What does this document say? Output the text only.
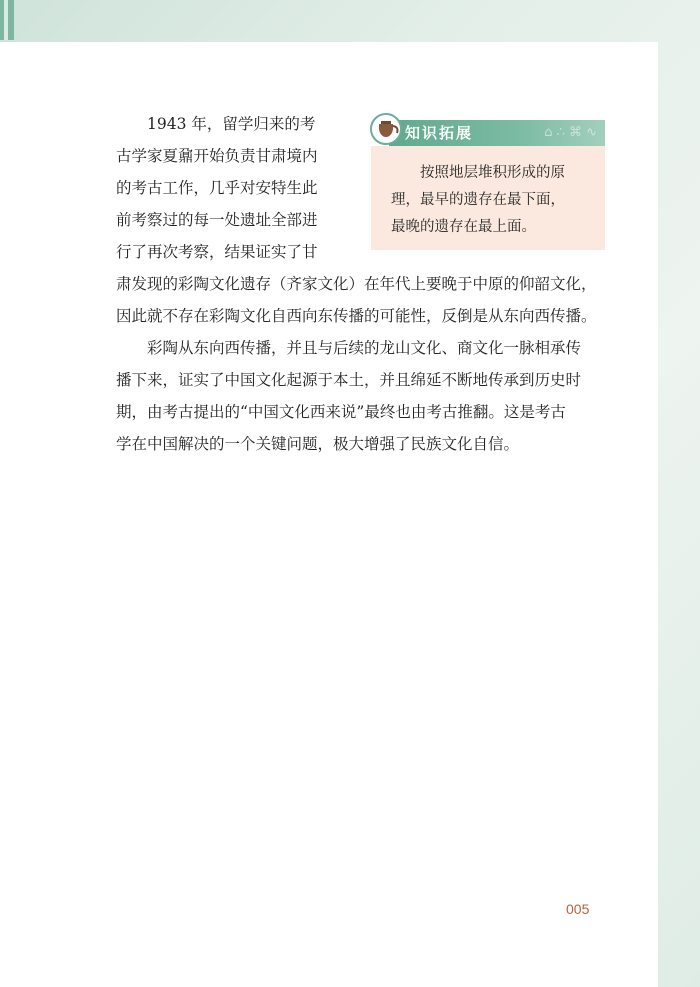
1943 年，留学归来的考
古学家夏鼐开始负责甘肃境内
的考古工作，几乎对安特生此
前考察过的每一处遗址全部进
行了再次考察，结果证实了甘
肃发现的彩陶文化遗存（齐家文化）在年代上要晚于中原的仰韶文化，
因此就不存在彩陶文化自西向东传播的可能性，反倒是从东向西传播。
彩陶从东向西传播，并且与后续的龙山文化、商文化一脉相承传
播下来，证实了中国文化起源于本土，并且绵延不断地传承到历史时
期，由考古提出的“中国文化西来说”最终也由考古推翻。这是考古
学在中国解决的一个关键问题，极大增强了民族文化自信。
按照地层堆积形成的原
理，最早的遗存在最下面，
最晚的遗存在最上面。
知识拓展	⌂ ∴ ⌘ ∿
005
